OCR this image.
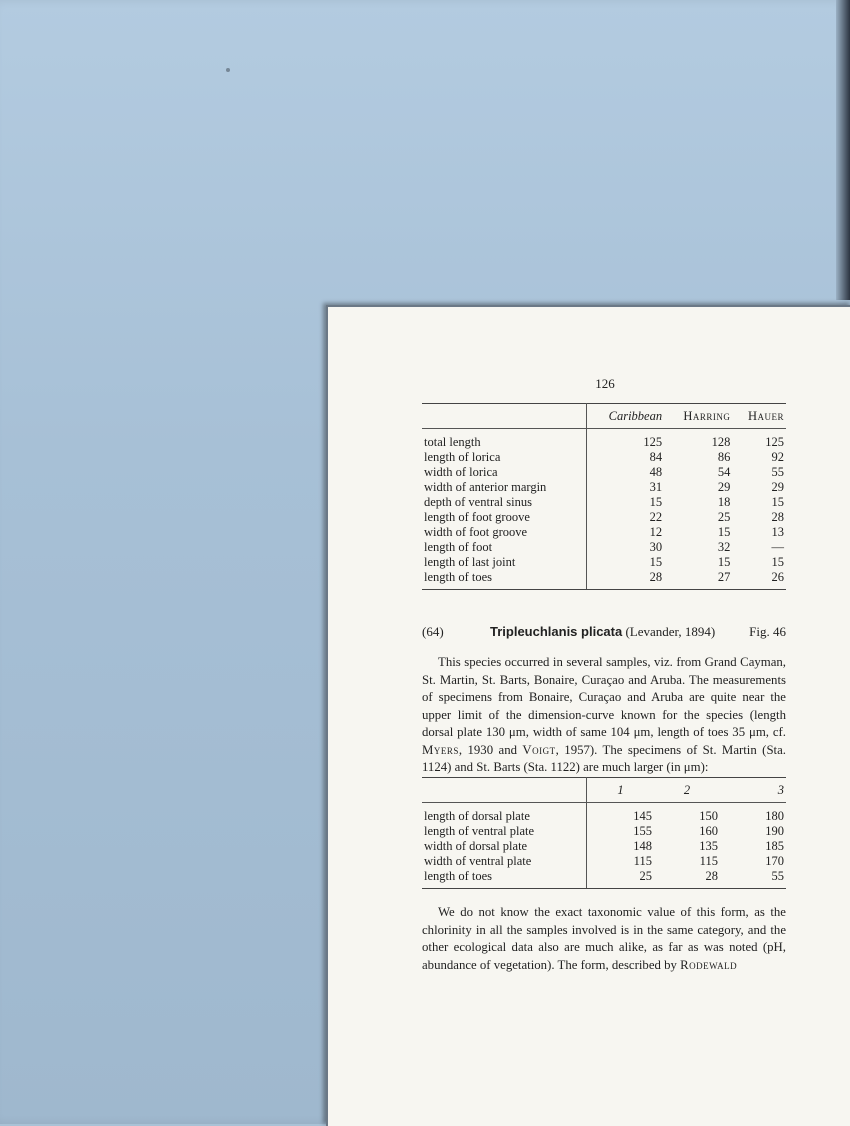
126
	Caribbean	Harring	Hauer
total length	125	128	125
length of lorica	84	86	92
width of lorica	48	54	55
width of anterior margin	31	29	29
depth of ventral sinus	15	18	15
length of foot groove	22	25	28
width of foot groove	12	15	13
length of foot	30	32	—
length of last joint	15	15	15
length of toes	28	27	26
(64)	Tripleuchlanis plicata (Levander, 1894)	Fig. 46

This species occurred in several samples, viz. from Grand Cayman, St. Martin, St. Barts, Bonaire, Curaçao and Aruba. The measurements of specimens from Bonaire, Curaçao and Aruba are quite near the upper limit of the dimension-curve known for the species (length dorsal plate 130 μm, width of same 104 μm, length of toes 35 μm, cf. Myers, 1930 and Voigt, 1957). The specimens of St. Martin (Sta. 1124) and St. Barts (Sta. 1122) are much larger (in μm):

	1	2	3
length of dorsal plate	145	150	180
length of ventral plate	155	160	190
width of dorsal plate	148	135	185
width of ventral plate	115	115	170
length of toes	25	28	55

We do not know the exact taxonomic value of this form, as the chlorinity in all the samples involved is in the same category, and the other ecological data also are much alike, as far as was noted (pH, abundance of vegetation). The form, described by Rodewald
